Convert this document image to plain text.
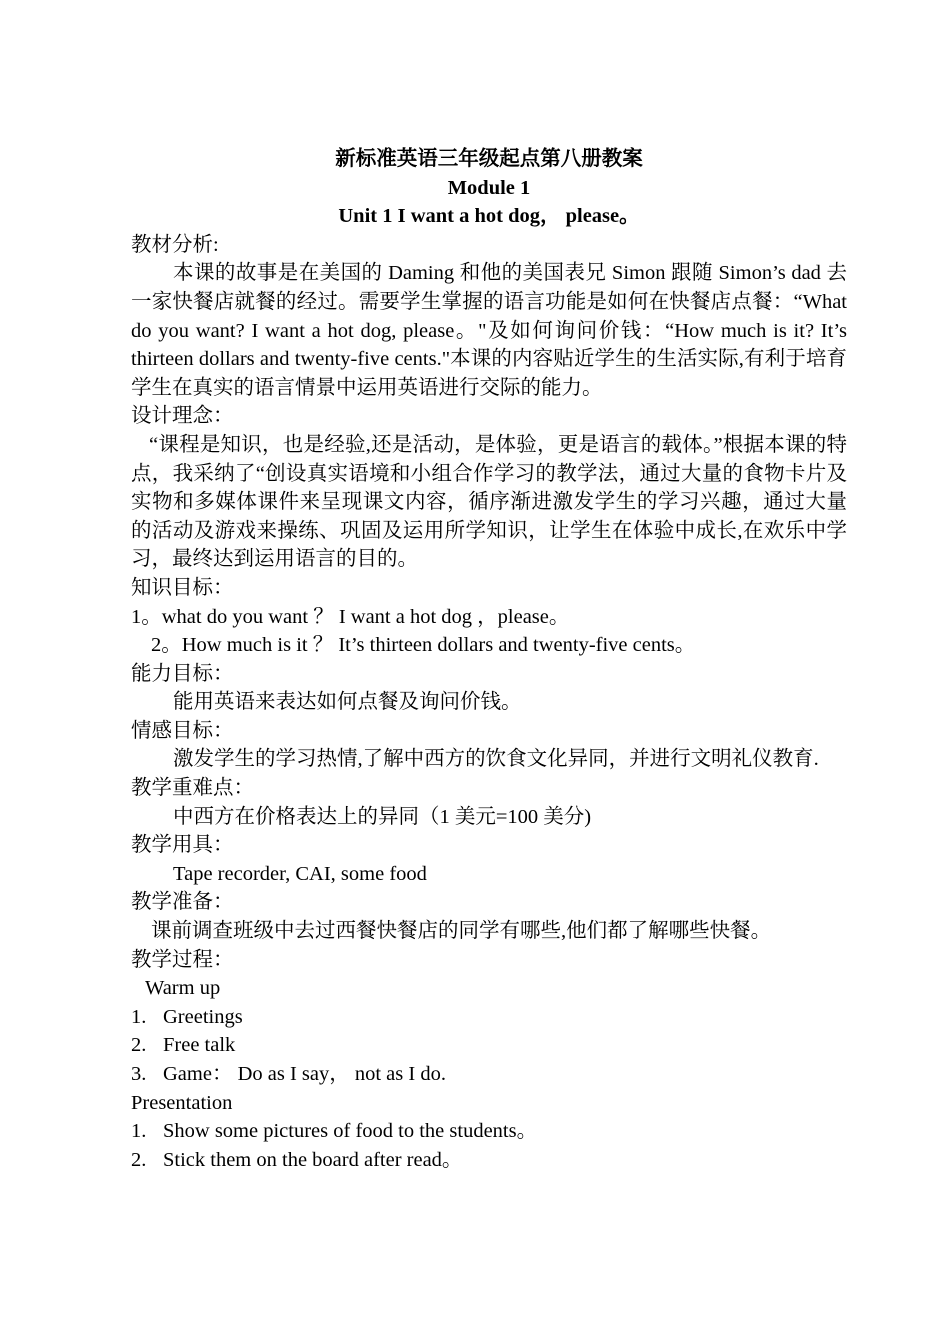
新标准英语三年级起点第八册教案

Module 1

Unit 1 I want a hot dog， please。

教材分析:

本课的故事是在美国的 Daming 和他的美国表兄 Simon 跟随 Simon’s dad 去一家快餐店就餐的经过。需要学生掌握的语言功能是如何在快餐店点餐：“What do you want? I want a hot dog, please。"及如何询问价钱：“How much is it? It’s thirteen dollars and twenty-five cents."本课的内容贴近学生的生活实际,有利于培育学生在真实的语言情景中运用英语进行交际的能力。

设计理念：

“课程是知识，也是经验,还是活动，是体验，更是语言的载体。”根据本课的特点，我采纳了“创设真实语境和小组合作学习的教学法，通过大量的食物卡片及实物和多媒体课件来呈现课文内容，循序渐进激发学生的学习兴趣，通过大量的活动及游戏来操练、巩固及运用所学知识，让学生在体验中成长,在欢乐中学习，最终达到运用语言的目的。

知识目标：

1。what do you want ？ I want a hot dog ，please。

2。How much is it ？ It’s thirteen dollars and twenty-five cents。

能力目标：

能用英语来表达如何点餐及询问价钱。

情感目标：

激发学生的学习热情,了解中西方的饮食文化异同，并进行文明礼仪教育.

教学重难点：

中西方在价格表达上的异同（1 美元=100 美分)

教学用具：

Tape recorder, CAI, some food

教学准备：

课前调查班级中去过西餐快餐店的同学有哪些,他们都了解哪些快餐。

教学过程：

Warm up

1. Greetings

2. Free talk

3. Game： Do as I say， not as I do.

Presentation

1. Show some pictures of food to the students。

2. Stick them on the board after read。
